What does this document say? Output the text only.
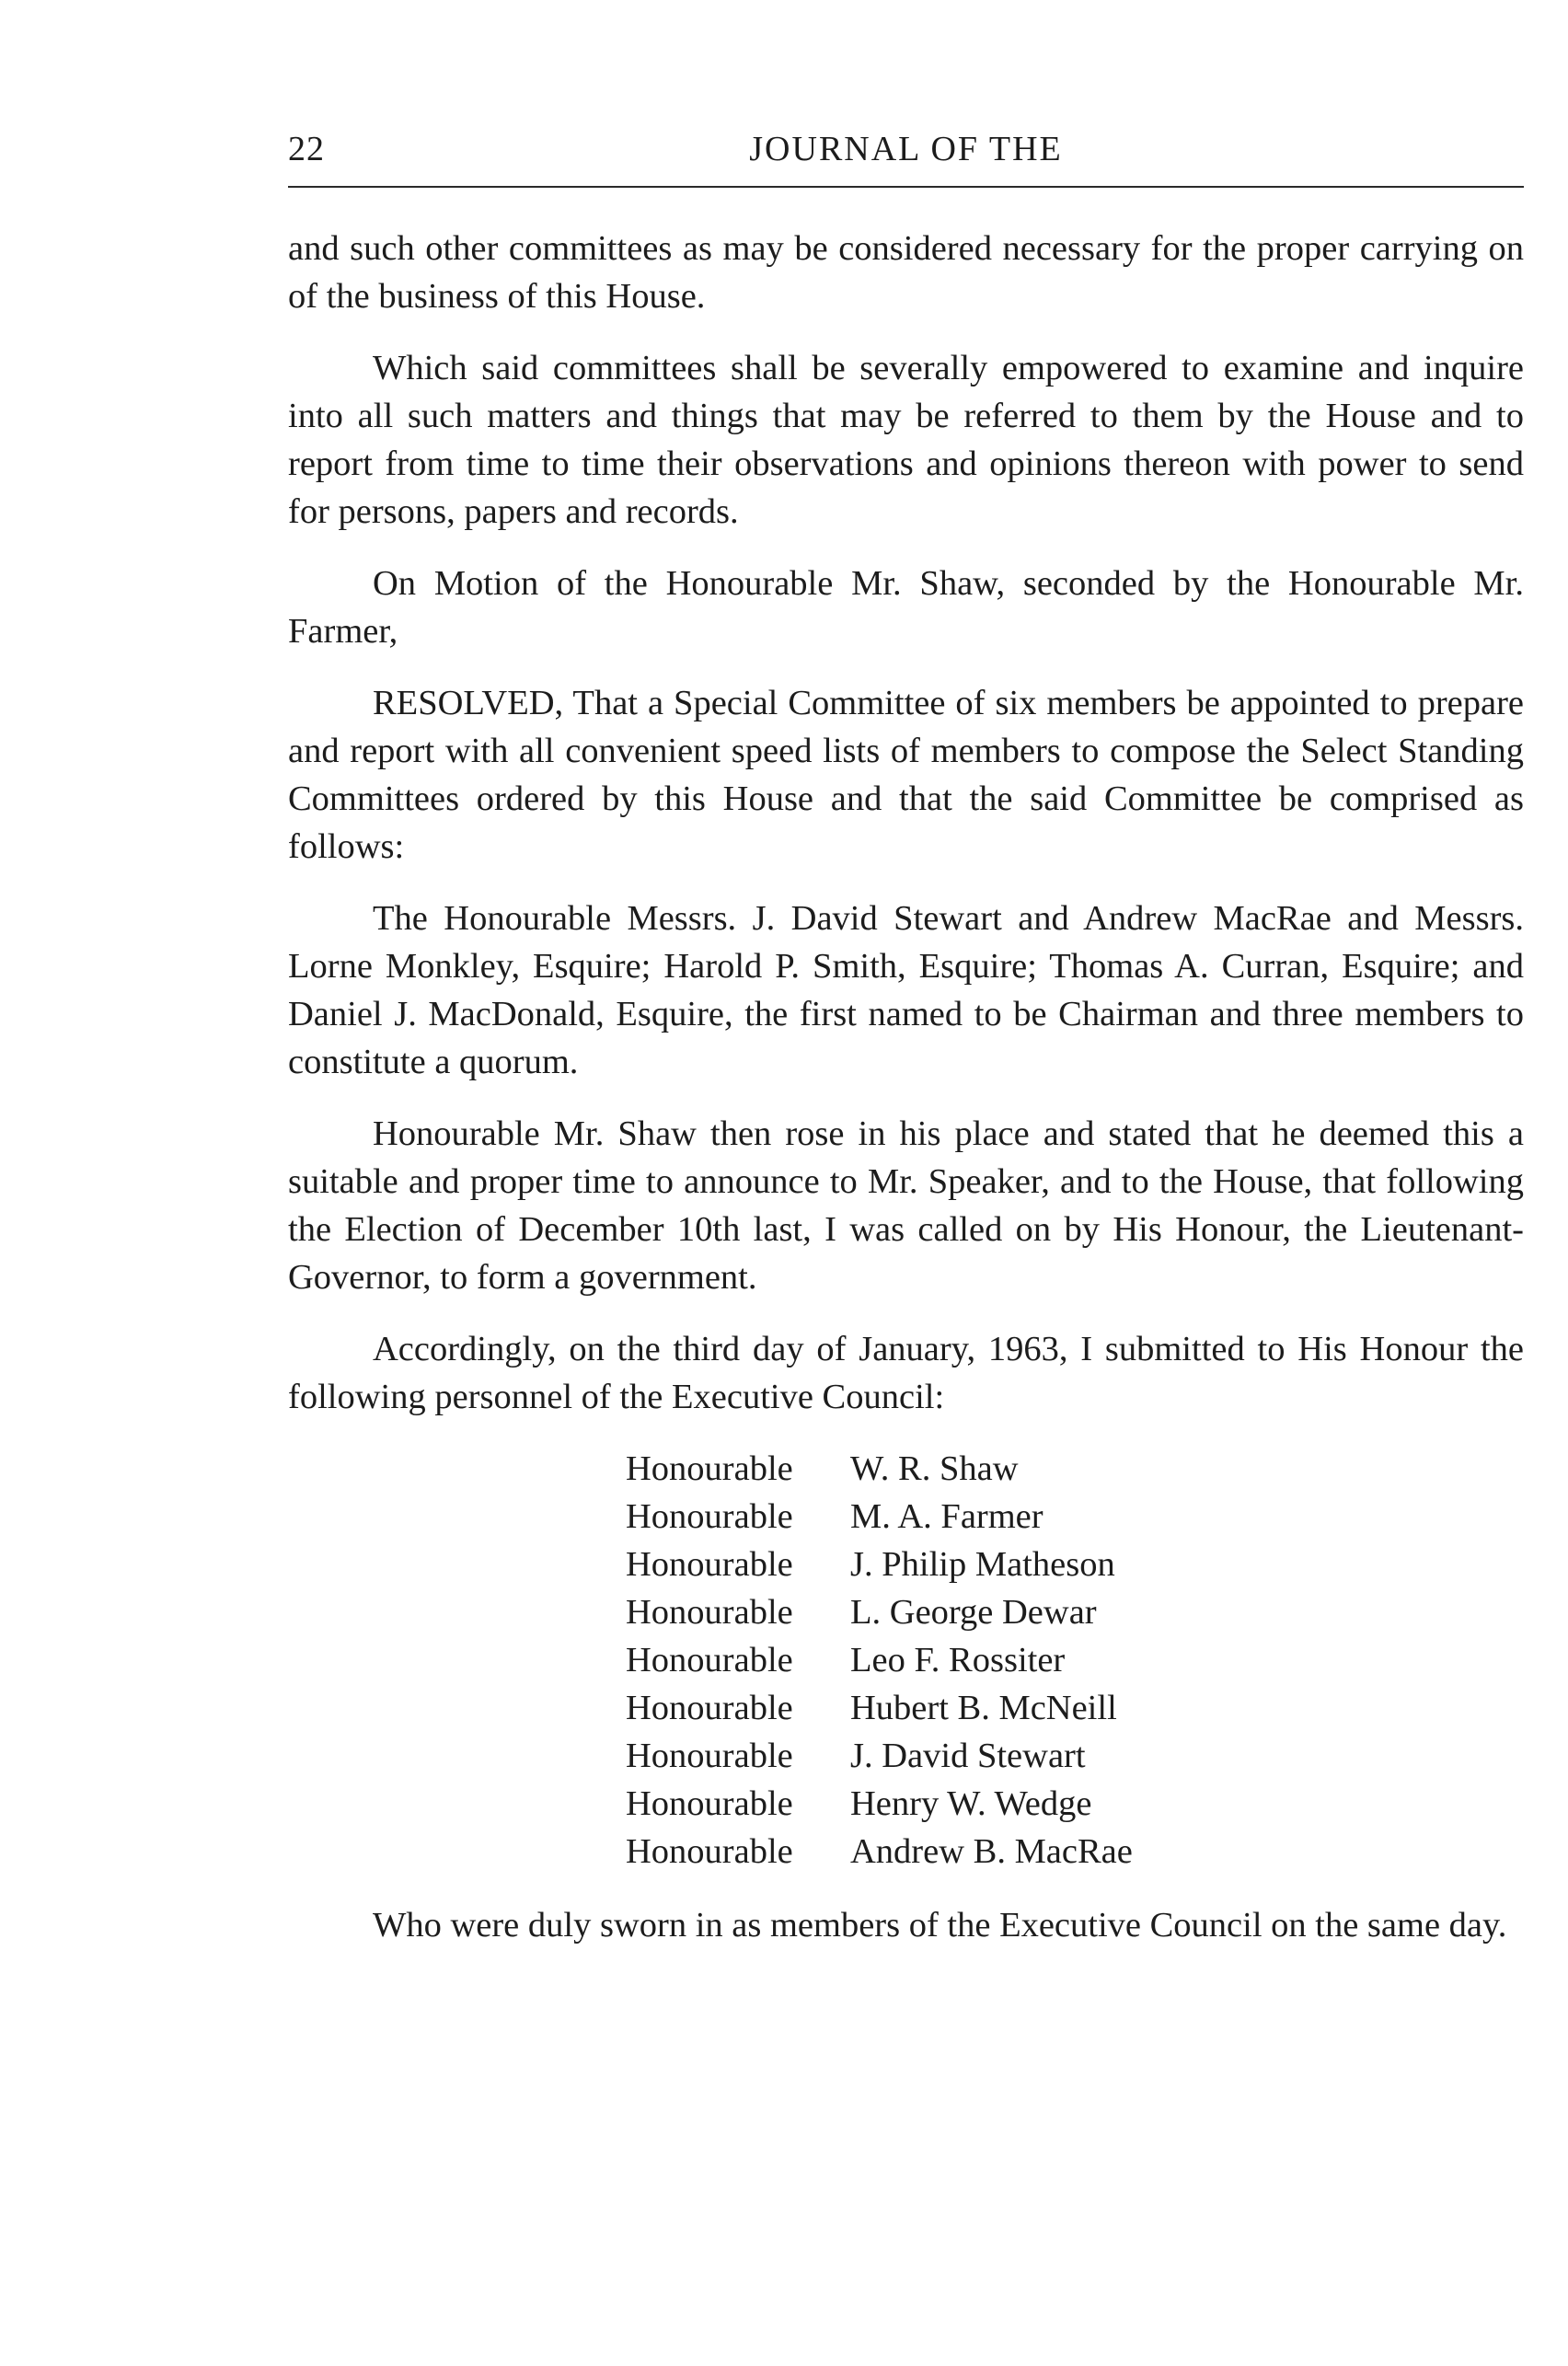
22	JOURNAL OF THE

and such other committees as may be considered necessary for the proper carrying on of the business of this House.

Which said committees shall be severally empowered to examine and inquire into all such matters and things that may be referred to them by the House and to report from time to time their observations and opinions thereon with power to send for persons, papers and records.

On Motion of the Honourable Mr. Shaw, seconded by the Honourable Mr. Farmer,

RESOLVED, That a Special Committee of six members be appointed to prepare and report with all convenient speed lists of members to compose the Select Standing Committees ordered by this House and that the said Committee be comprised as follows:

The Honourable Messrs. J. David Stewart and Andrew MacRae and Messrs. Lorne Monkley, Esquire; Harold P. Smith, Esquire; Thomas A. Curran, Esquire; and Daniel J. MacDonald, Esquire, the first named to be Chairman and three members to constitute a quorum.

Honourable Mr. Shaw then rose in his place and stated that he deemed this a suitable and proper time to announce to Mr. Speaker, and to the House, that following the Election of December 10th last, I was called on by His Honour, the Lieutenant-Governor, to form a government.

Accordingly, on the third day of January, 1963, I submitted to His Honour the following personnel of the Executive Council:

Honourable W. R. Shaw
Honourable M. A. Farmer
Honourable J. Philip Matheson
Honourable L. George Dewar
Honourable Leo F. Rossiter
Honourable Hubert B. McNeill
Honourable J. David Stewart
Honourable Henry W. Wedge
Honourable Andrew B. MacRae

Who were duly sworn in as members of the Executive Council on the same day.
